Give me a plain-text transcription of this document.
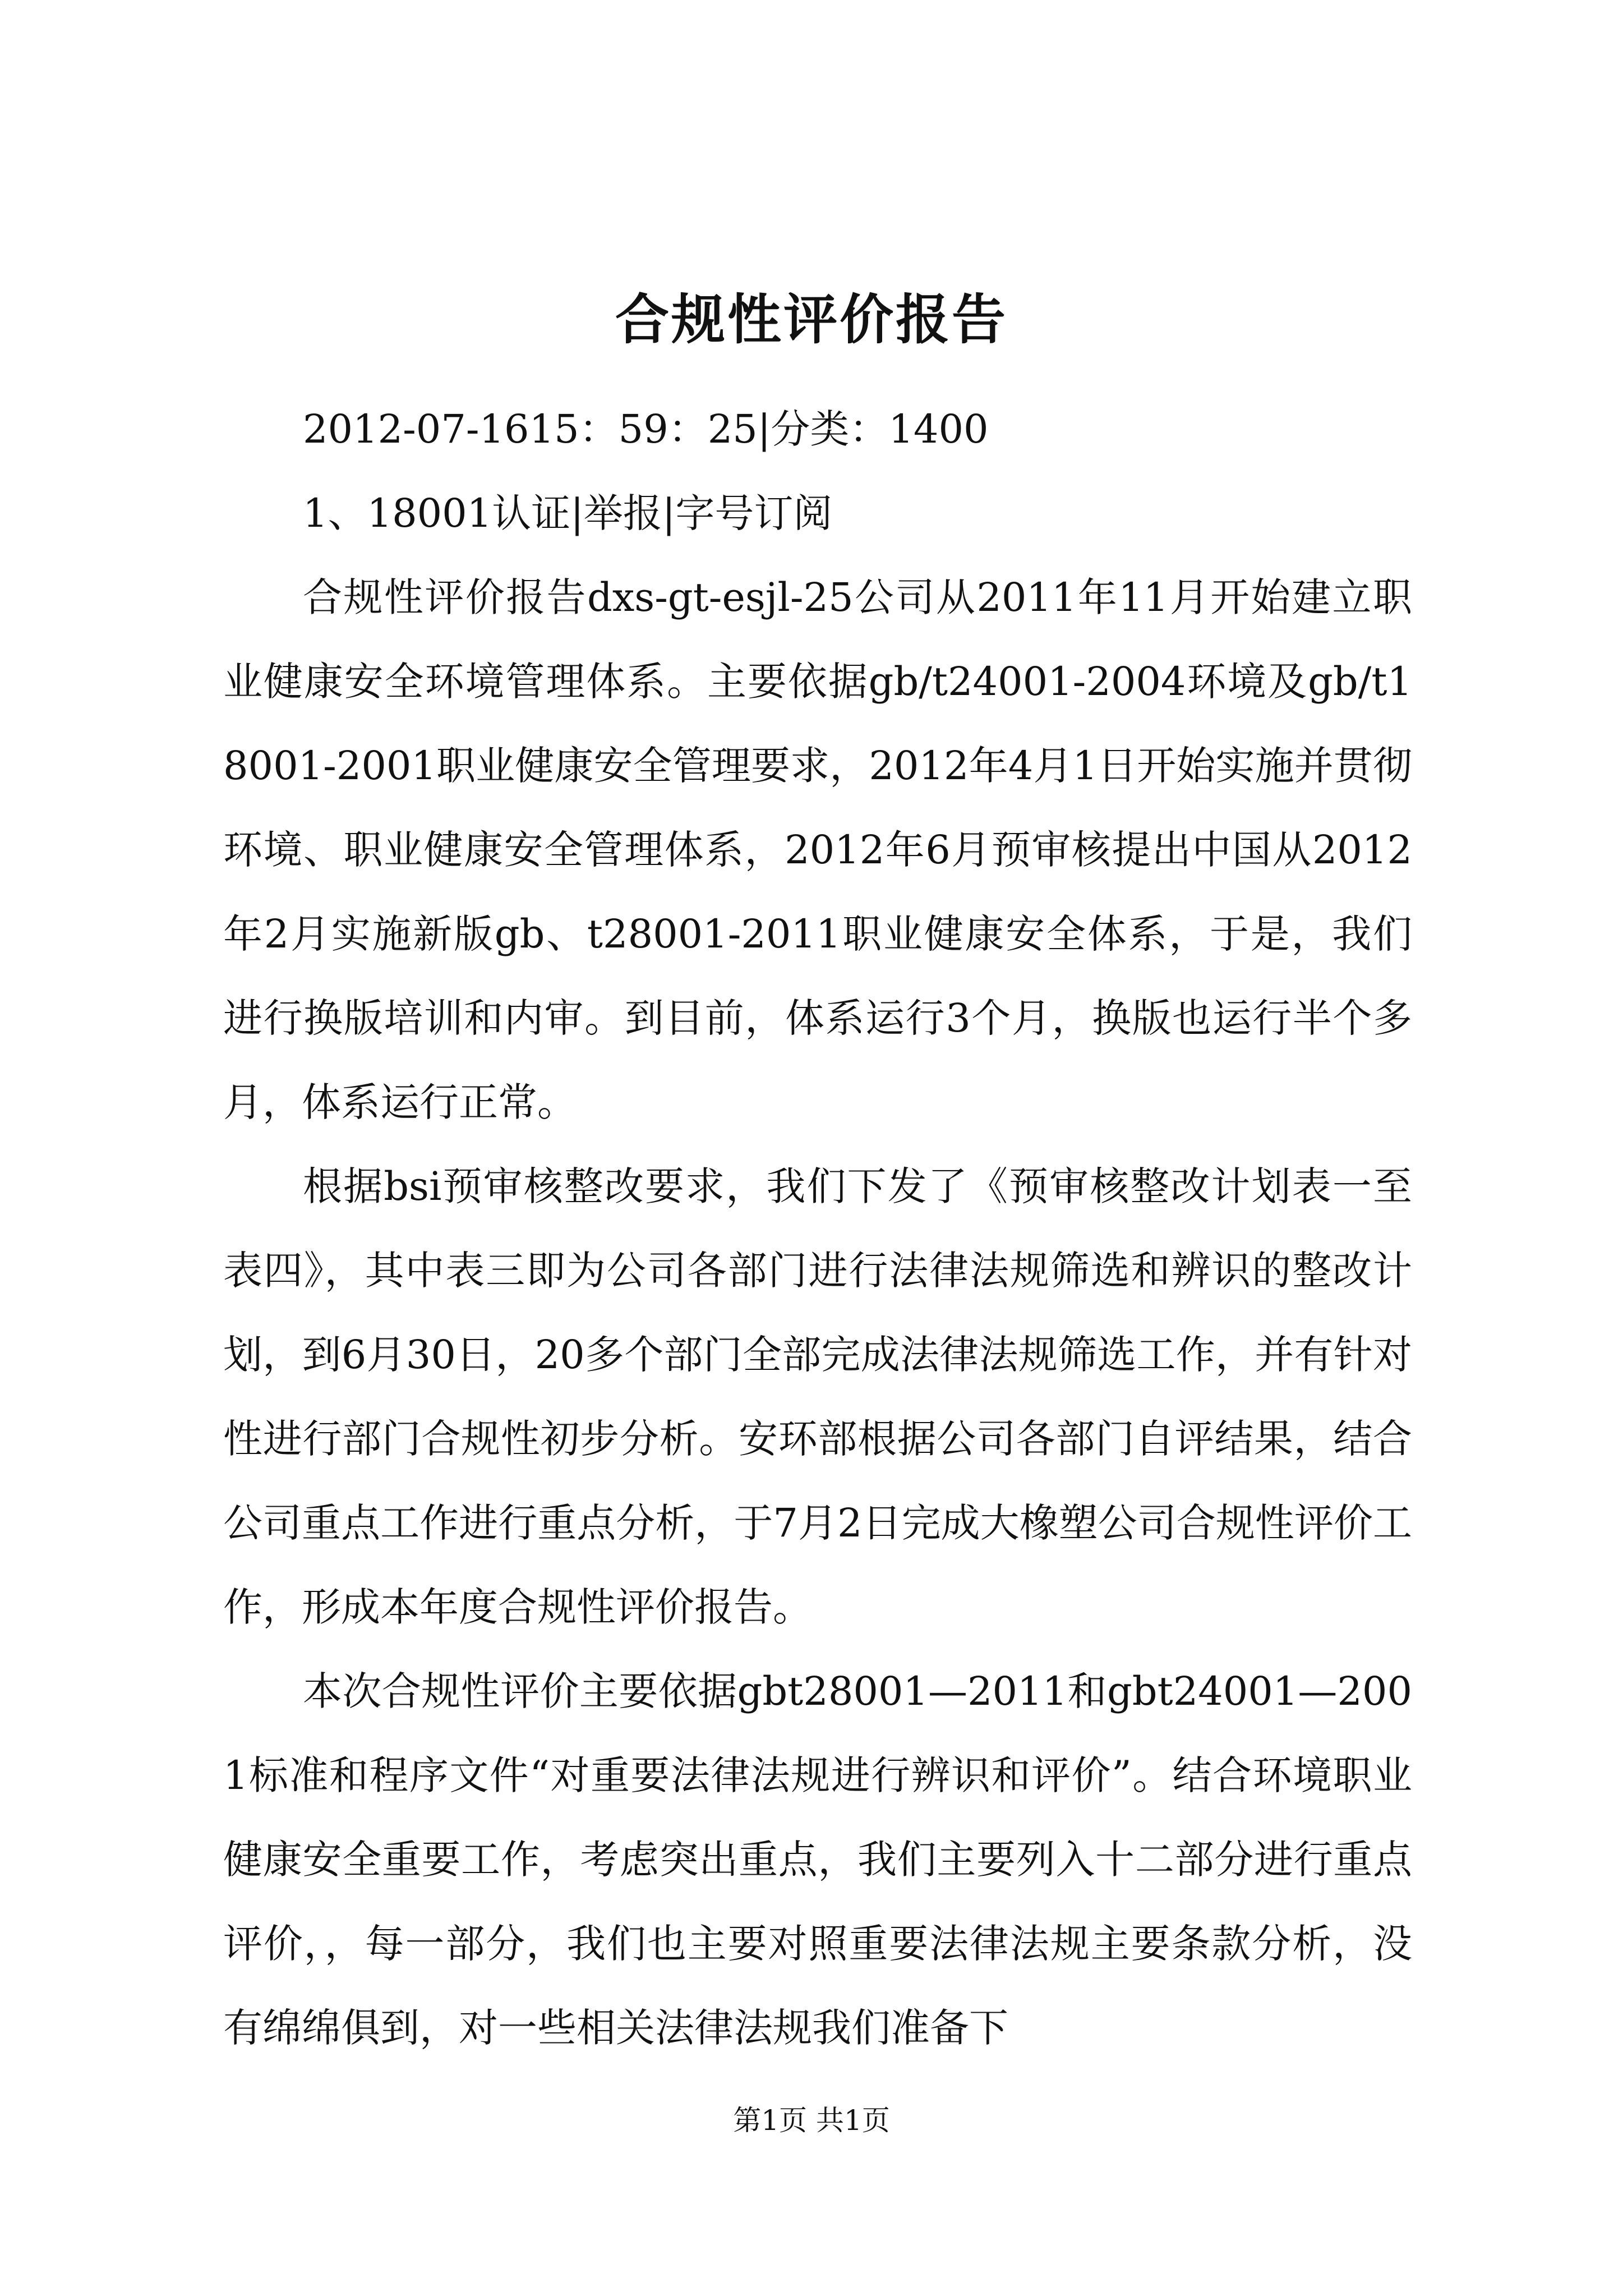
合规性评价报告

2012-07-1615：59：25|分类：1400

1、18001认证|举报|字号订阅

合规性评价报告dxs-gt-esjl-25公司从2011年11月开始建立职业健康安全环境管理体系。主要依据gb/t24001-2004环境及gb/t18001-2001职业健康安全管理要求，2012年4月1日开始实施并贯彻环境、职业健康安全管理体系，2012年6月预审核提出中国从2012年2月实施新版gb、t28001-2011职业健康安全体系，于是，我们进行换版培训和内审。到目前，体系运行3个月，换版也运行半个多月，体系运行正常。

根据bsi预审核整改要求，我们下发了《预审核整改计划表一至表四》，其中表三即为公司各部门进行法律法规筛选和辨识的整改计划，到6月30日，20多个部门全部完成法律法规筛选工作，并有针对性进行部门合规性初步分析。安环部根据公司各部门自评结果，结合公司重点工作进行重点分析，于7月2日完成大橡塑公司合规性评价工作，形成本年度合规性评价报告。

本次合规性评价主要依据gbt28001—2011和gbt24001—2001标准和程序文件“对重要法律法规进行辨识和评价”。结合环境职业健康安全重要工作，考虑突出重点，我们主要列入十二部分进行重点评价，，每一部分，我们也主要对照重要法律法规主要条款分析，没有绵绵俱到，对一些相关法律法规我们准备下

第1页 共1页
